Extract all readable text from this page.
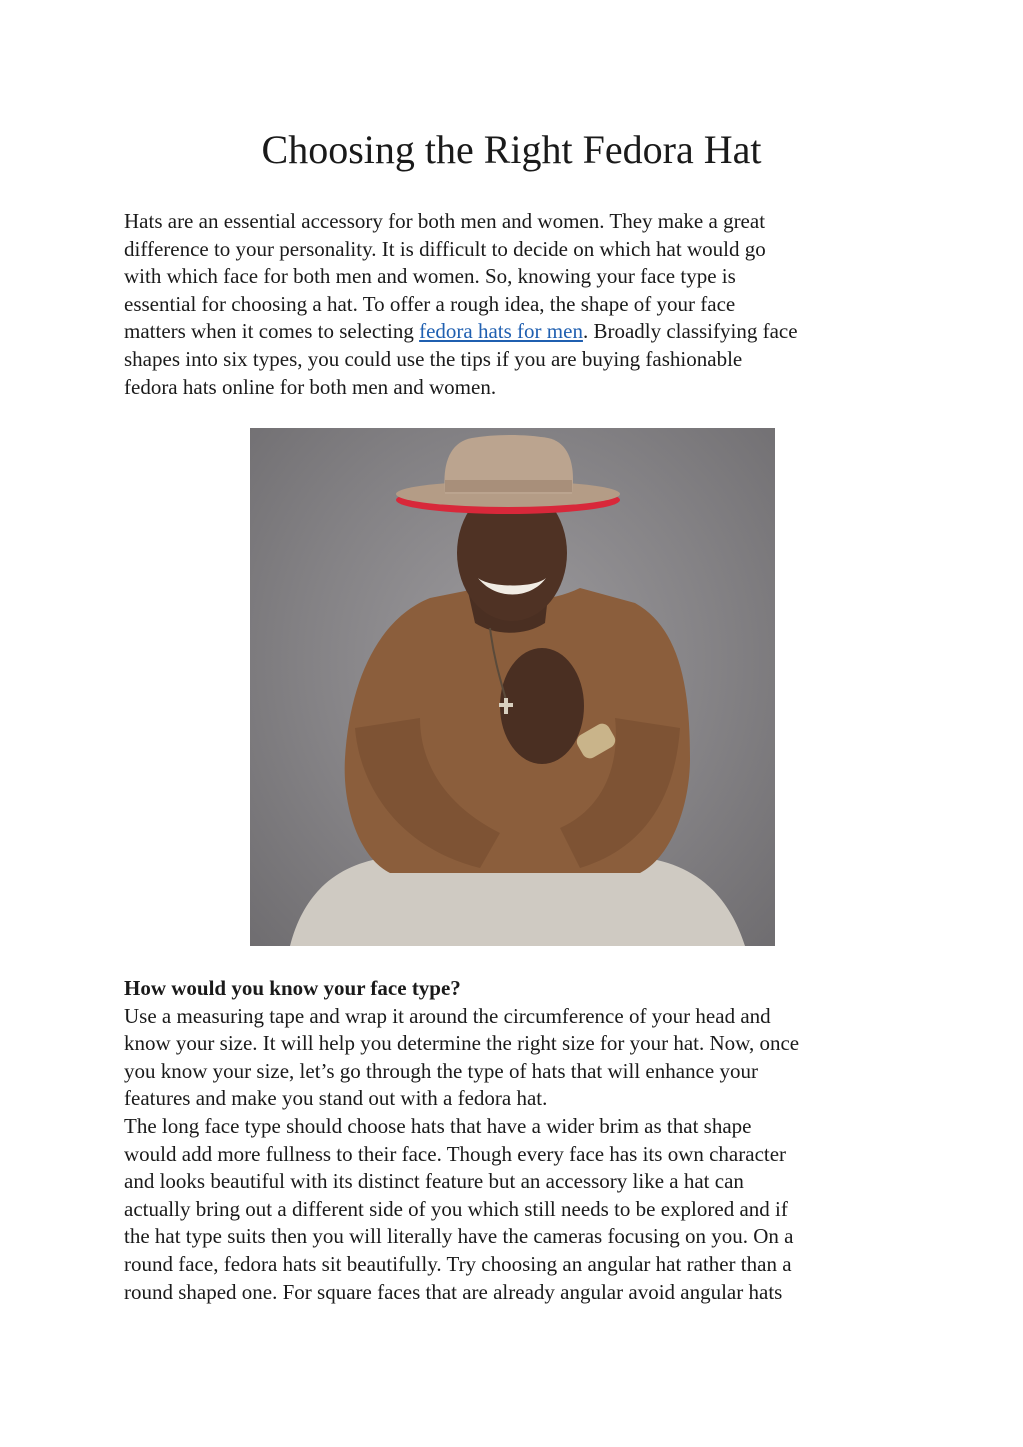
Choosing the Right Fedora Hat

Hats are an essential accessory for both men and women. They make a great
difference to your personality. It is difficult to decide on which hat would go
with which face for both men and women. So, knowing your face type is
essential for choosing a hat. To offer a rough idea, the shape of your face
matters when it comes to selecting fedora hats for men. Broadly classifying face
shapes into six types, you could use the tips if you are buying fashionable
fedora hats online for both men and women.

How would you know your face type?
Use a measuring tape and wrap it around the circumference of your head and
know your size. It will help you determine the right size for your hat. Now, once
you know your size, let’s go through the type of hats that will enhance your
features and make you stand out with a fedora hat.
The long face type should choose hats that have a wider brim as that shape
would add more fullness to their face. Though every face has its own character
and looks beautiful with its distinct feature but an accessory like a hat can
actually bring out a different side of you which still needs to be explored and if
the hat type suits then you will literally have the cameras focusing on you. On a
round face, fedora hats sit beautifully. Try choosing an angular hat rather than a
round shaped one. For square faces that are already angular avoid angular hats
